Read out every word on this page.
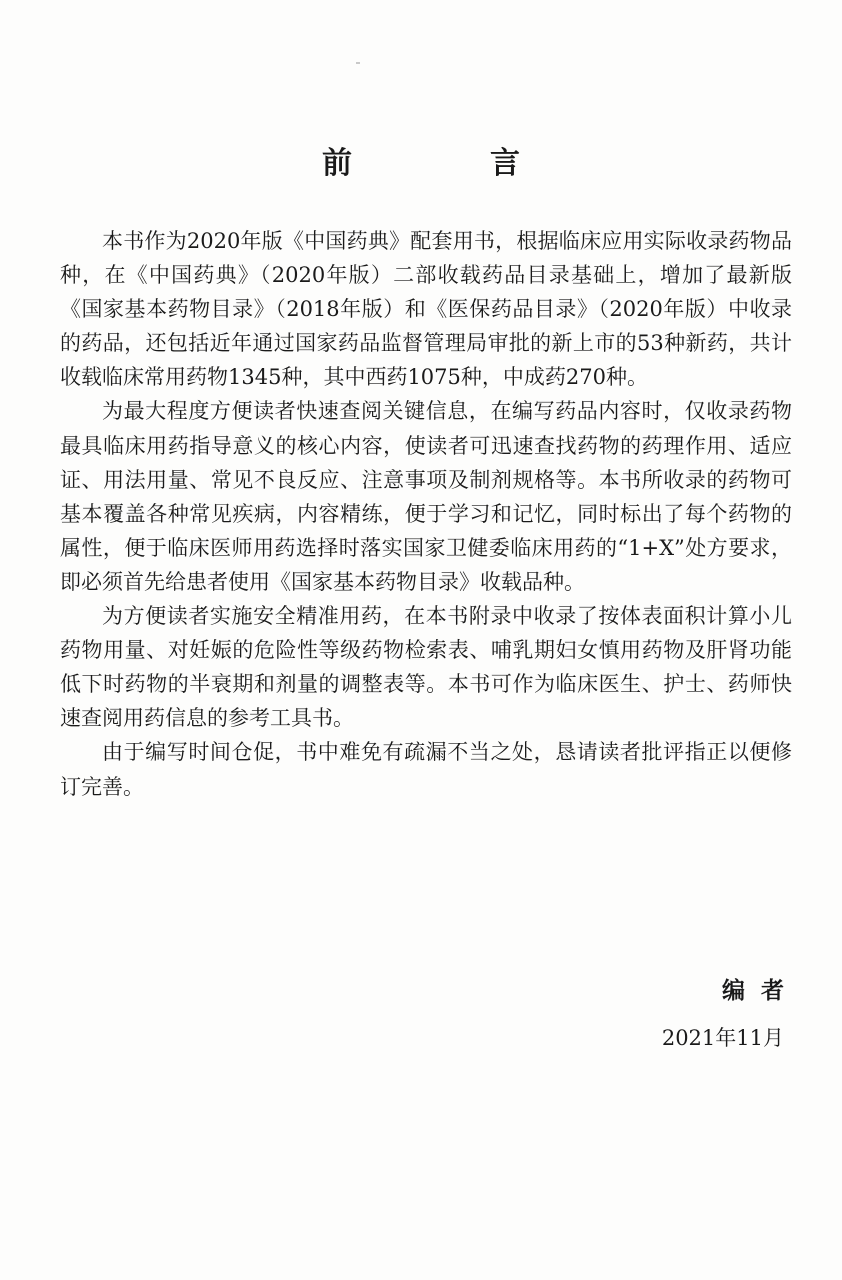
前　言

本书作为2020年版《中国药典》配套用书，根据临床应用实际收录药物品种，在《中国药典》（2020年版）二部收载药品目录基础上，增加了最新版《国家基本药物目录》（2018年版）和《医保药品目录》（2020年版）中收录的药品，还包括近年通过国家药品监督管理局审批的新上市的53种新药，共计收载临床常用药物1345种，其中西药1075种，中成药270种。

为最大程度方便读者快速查阅关键信息，在编写药品内容时，仅收录药物最具临床用药指导意义的核心内容，使读者可迅速查找药物的药理作用、适应证、用法用量、常见不良反应、注意事项及制剂规格等。本书所收录的药物可基本覆盖各种常见疾病，内容精练，便于学习和记忆，同时标出了每个药物的属性，便于临床医师用药选择时落实国家卫健委临床用药的“1+X”处方要求，即必须首先给患者使用《国家基本药物目录》收载品种。

为方便读者实施安全精准用药，在本书附录中收录了按体表面积计算小儿药物用量、对妊娠的危险性等级药物检索表、哺乳期妇女慎用药物及肝肾功能低下时药物的半衰期和剂量的调整表等。本书可作为临床医生、护士、药师快速查阅用药信息的参考工具书。

由于编写时间仓促，书中难免有疏漏不当之处，恳请读者批评指正以便修订完善。

编者
2021年11月
